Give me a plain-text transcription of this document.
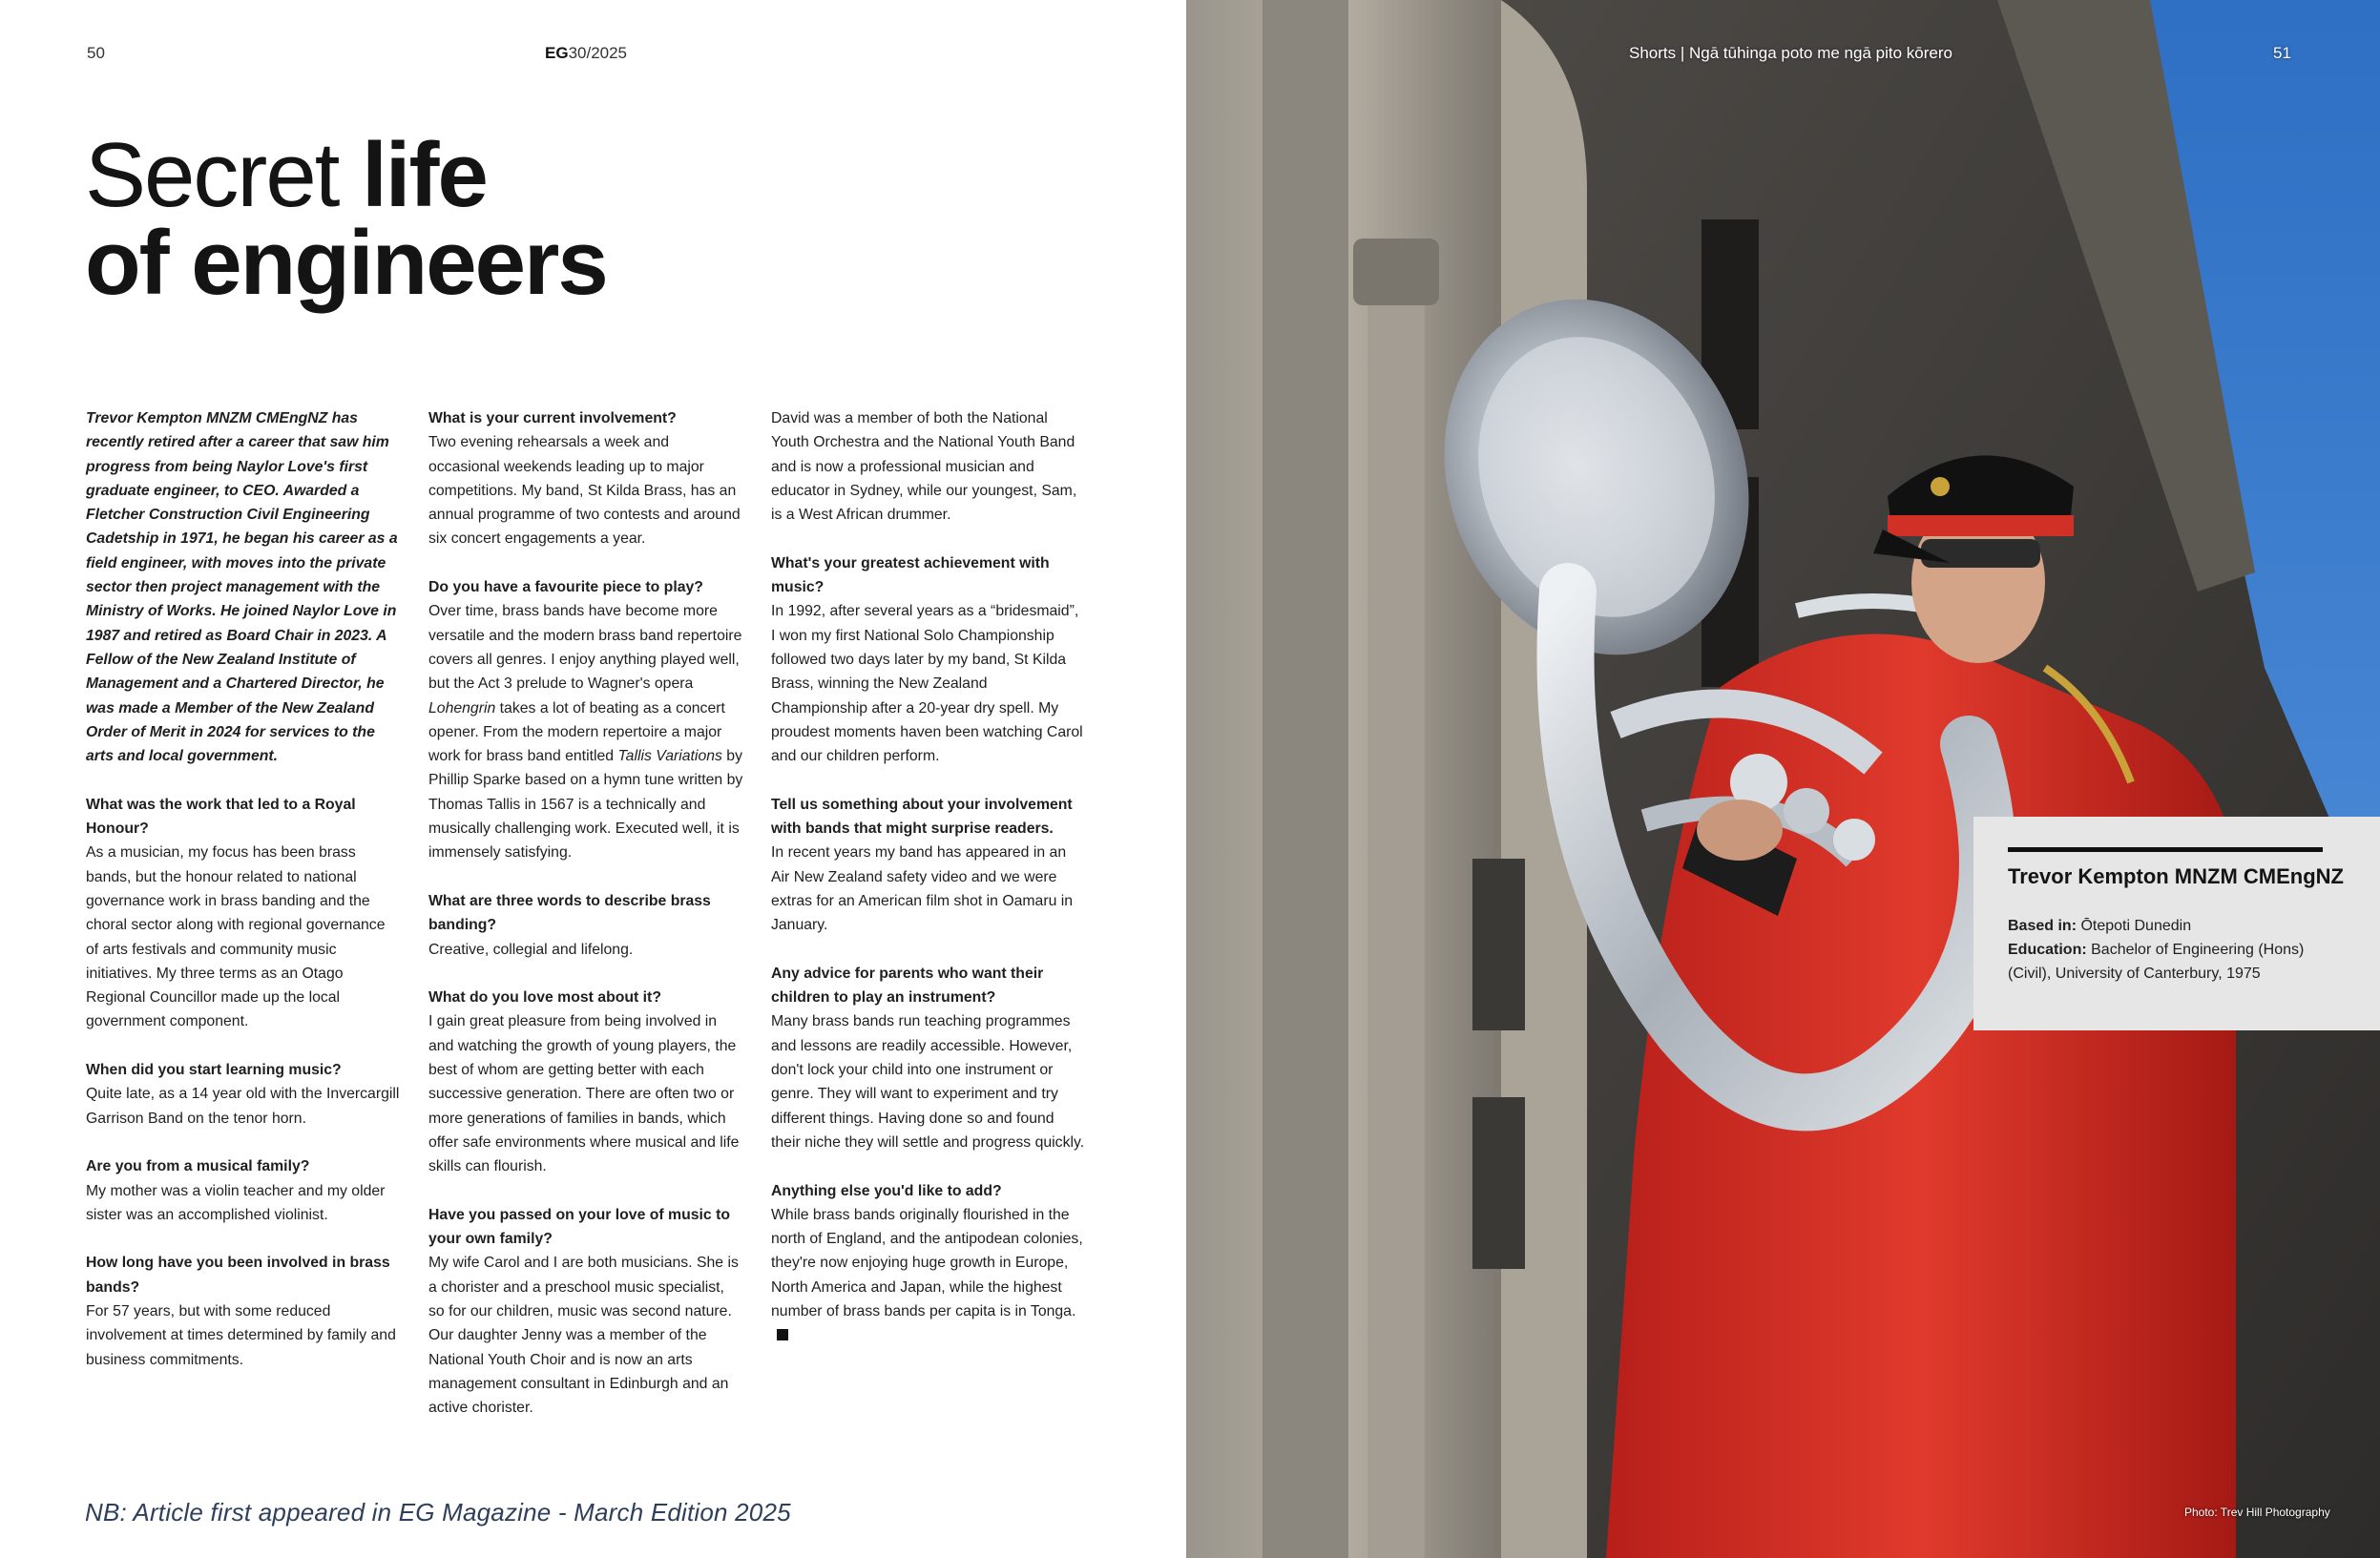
50	EG30/2025
Secret life
of engineers

Trevor Kempton MNZM CMEngNZ has recently retired after a career that saw him progress from being Naylor Love's first graduate engineer, to CEO. Awarded a Fletcher Construction Civil Engineering Cadetship in 1971, he began his career as a field engineer, with moves into the private sector then project management with the Ministry of Works. He joined Naylor Love in 1987 and retired as Board Chair in 2023. A Fellow of the New Zealand Institute of Management and a Chartered Director, he was made a Member of the New Zealand Order of Merit in 2024 for services to the arts and local government.

What was the work that led to a Royal Honour?

As a musician, my focus has been brass bands, but the honour related to national governance work in brass banding and the choral sector along with regional governance of arts festivals and community music initiatives. My three terms as an Otago Regional Councillor made up the local government component.

When did you start learning music?

Quite late, as a 14 year old with the Invercargill Garrison Band on the tenor horn.

Are you from a musical family?

My mother was a violin teacher and my older sister was an accomplished violinist.

How long have you been involved in brass bands?

For 57 years, but with some reduced involvement at times determined by family and business commitments.

What is your current involvement?

Two evening rehearsals a week and occasional weekends leading up to major competitions. My band, St Kilda Brass, has an annual programme of two contests and around six concert engagements a year.

Do you have a favourite piece to play?

Over time, brass bands have become more versatile and the modern brass band repertoire covers all genres. I enjoy anything played well, but the Act 3 prelude to Wagner's opera Lohengrin takes a lot of beating as a concert opener. From the modern repertoire a major work for brass band entitled Tallis Variations by Phillip Sparke based on a hymn tune written by Thomas Tallis in 1567 is a technically and musically challenging work. Executed well, it is immensely satisfying.

What are three words to describe brass banding?

Creative, collegial and lifelong.

What do you love most about it?

I gain great pleasure from being involved in and watching the growth of young players, the best of whom are getting better with each successive generation. There are often two or more generations of families in bands, which offer safe environments where musical and life skills can flourish.

Have you passed on your love of music to your own family?

My wife Carol and I are both musicians. She is a chorister and a preschool music specialist, so for our children, music was second nature. Our daughter Jenny was a member of the National Youth Choir and is now an arts management consultant in Edinburgh and an active chorister.

David was a member of both the National Youth Orchestra and the National Youth Band and is now a professional musician and educator in Sydney, while our youngest, Sam, is a West African drummer.

What's your greatest achievement with music?

In 1992, after several years as a “bridesmaid”, I won my first National Solo Championship followed two days later by my band, St Kilda Brass, winning the New Zealand Championship after a 20-year dry spell. My proudest moments haven been watching Carol and our children perform.

Tell us something about your involvement with bands that might surprise readers.

In recent years my band has appeared in an Air New Zealand safety video and we were extras for an American film shot in Oamaru in January.

Any advice for parents who want their children to play an instrument?

Many brass bands run teaching programmes and lessons are readily accessible. However, don't lock your child into one instrument or genre. They will want to experiment and try different things. Having done so and found their niche they will settle and progress quickly.

Anything else you'd like to add?

While brass bands originally flourished in the north of England, and the antipodean colonies, they're now enjoying huge growth in Europe, North America and Japan, while the highest number of brass bands per capita is in Tonga.

NB: Article first appeared in EG Magazine - March Edition 2025
Shorts | Ngā tūhinga poto me ngā pito kōrero	51
Trevor Kempton MNZM CMEngNZ
Based in: Ōtepoti Dunedin
Education: Bachelor of Engineering (Hons) (Civil), University of Canterbury, 1975
Photo: Trev Hill Photography
